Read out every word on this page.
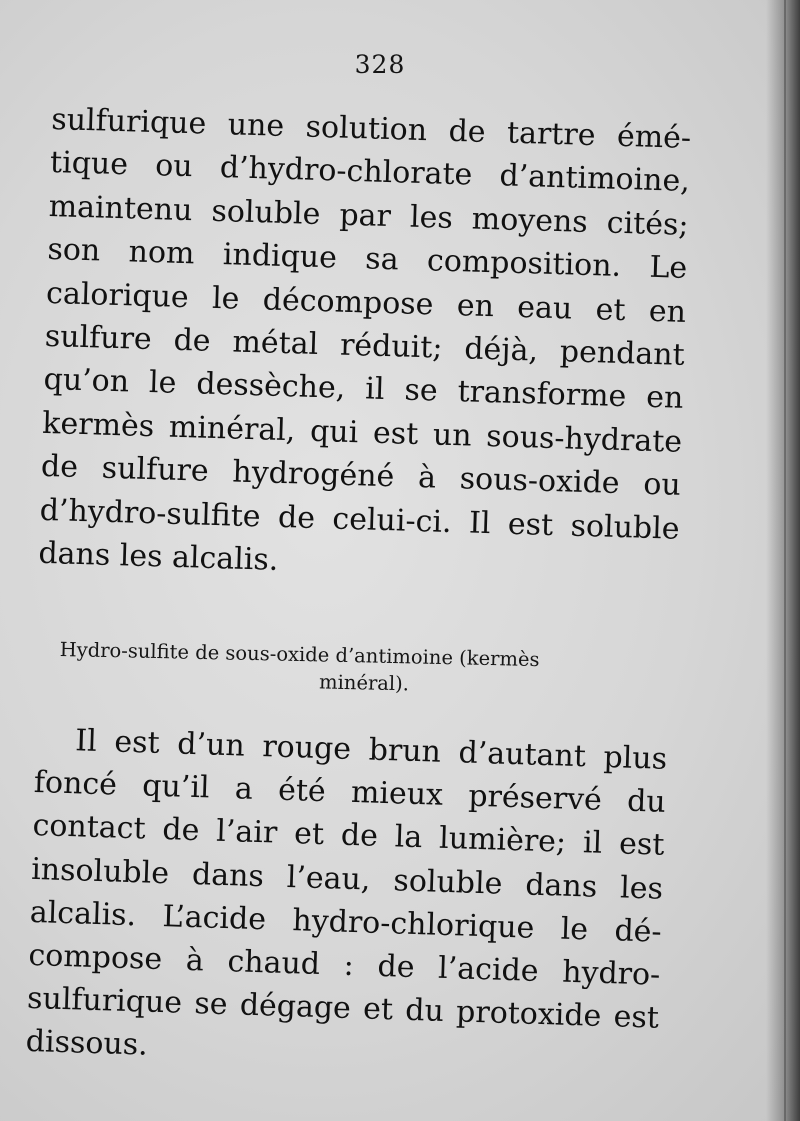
328
sulfurique une solution de tartre émé-
tique ou d’hydro-chlorate d’antimoine,
maintenu soluble par les moyens cités;
son nom indique sa composition. Le
calorique le décompose en eau et en
sulfure de métal réduit; déjà, pendant
qu’on le dessèche, il se transforme en
kermès minéral, qui est un sous-hydrate
de sulfure hydrogéné à sous-oxide ou
d’hydro-sulfite de celui-ci. Il est soluble
dans les alcalis.
Hydro-sulfite de sous-oxide d’antimoine (kermès
minéral).
Il est d’un rouge brun d’autant plus
foncé qu’il a été mieux préservé du
contact de l’air et de la lumière; il est
insoluble dans l’eau, soluble dans les
alcalis. L’acide hydro-chlorique le dé-
compose à chaud : de l’acide hydro-
sulfurique se dégage et du protoxide est
dissous.
